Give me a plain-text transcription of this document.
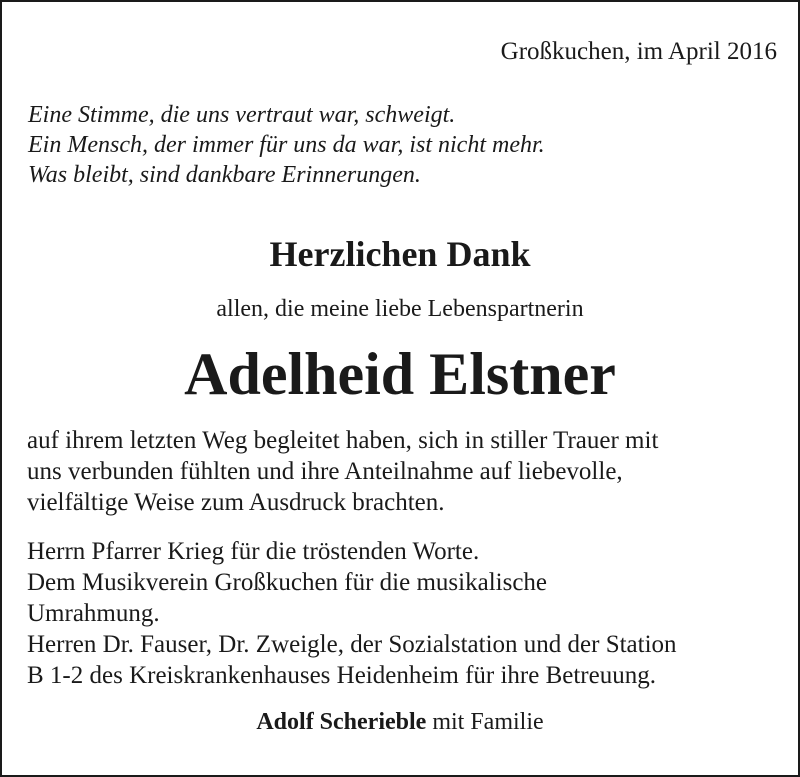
Großkuchen, im April 2016
Eine Stimme, die uns vertraut war, schweigt.
Ein Mensch, der immer für uns da war, ist nicht mehr.
Was bleibt, sind dankbare Erinnerungen.
Herzlichen Dank
allen, die meine liebe Lebenspartnerin
Adelheid Elstner
auf ihrem letzten Weg begleitet haben, sich in stiller Trauer mit
uns verbunden fühlten und ihre Anteilnahme auf liebevolle,
vielfältige Weise zum Ausdruck brachten.
Herrn Pfarrer Krieg für die tröstenden Worte.
Dem Musikverein Großkuchen für die musikalische
Umrahmung.
Herren Dr. Fauser, Dr. Zweigle, der Sozialstation und der Station
B 1-2 des Kreiskrankenhauses Heidenheim für ihre Betreuung.
Adolf Scherieble mit Familie
